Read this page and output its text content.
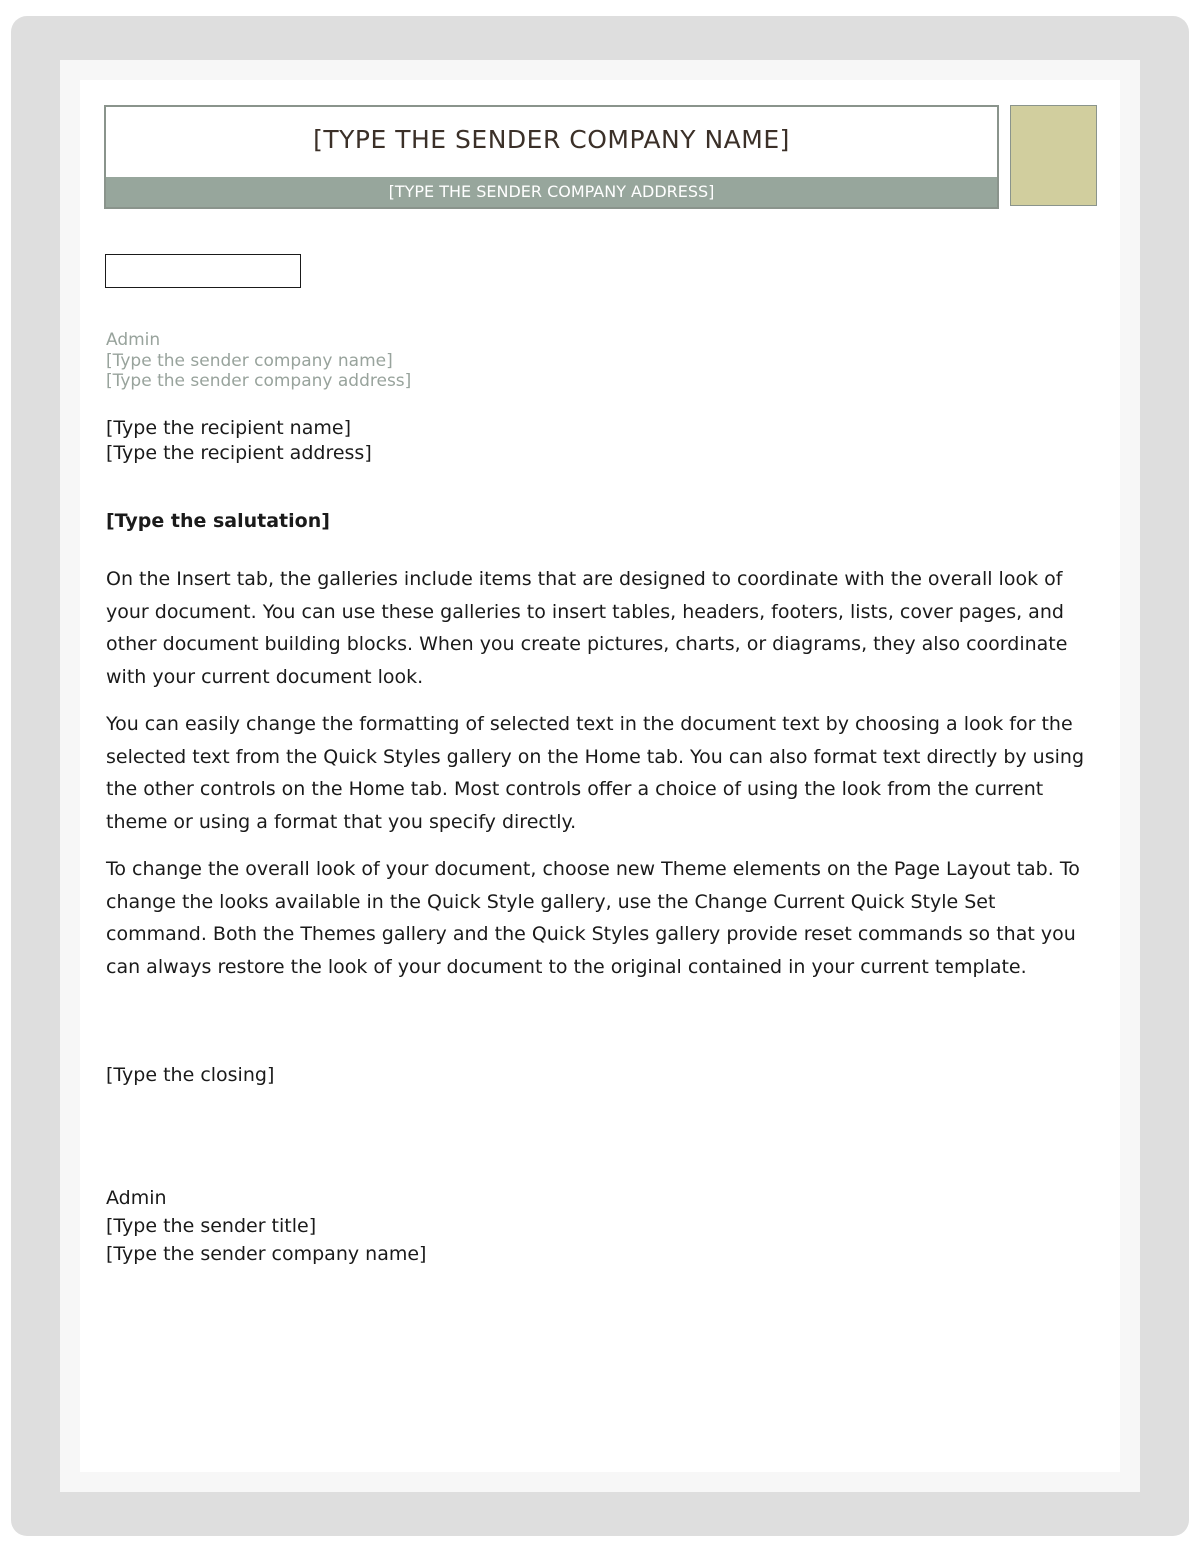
[TYPE THE SENDER COMPANY NAME]
[TYPE THE SENDER COMPANY ADDRESS]
Admin
[Type the sender company name]
[Type the sender company address]
[Type the recipient name]
[Type the recipient address]
[Type the salutation]

On the Insert tab, the galleries include items that are designed to coordinate with the overall look of your document. You can use these galleries to insert tables, headers, footers, lists, cover pages, and other document building blocks. When you create pictures, charts, or diagrams, they also coordinate with your current document look.

You can easily change the formatting of selected text in the document text by choosing a look for the selected text from the Quick Styles gallery on the Home tab. You can also format text directly by using the other controls on the Home tab. Most controls offer a choice of using the look from the current theme or using a format that you specify directly.

To change the overall look of your document, choose new Theme elements on the Page Layout tab. To change the looks available in the Quick Style gallery, use the Change Current Quick Style Set command. Both the Themes gallery and the Quick Styles gallery provide reset commands so that you can always restore the look of your document to the original contained in your current template.

[Type the closing]
Admin
[Type the sender title]
[Type the sender company name]
